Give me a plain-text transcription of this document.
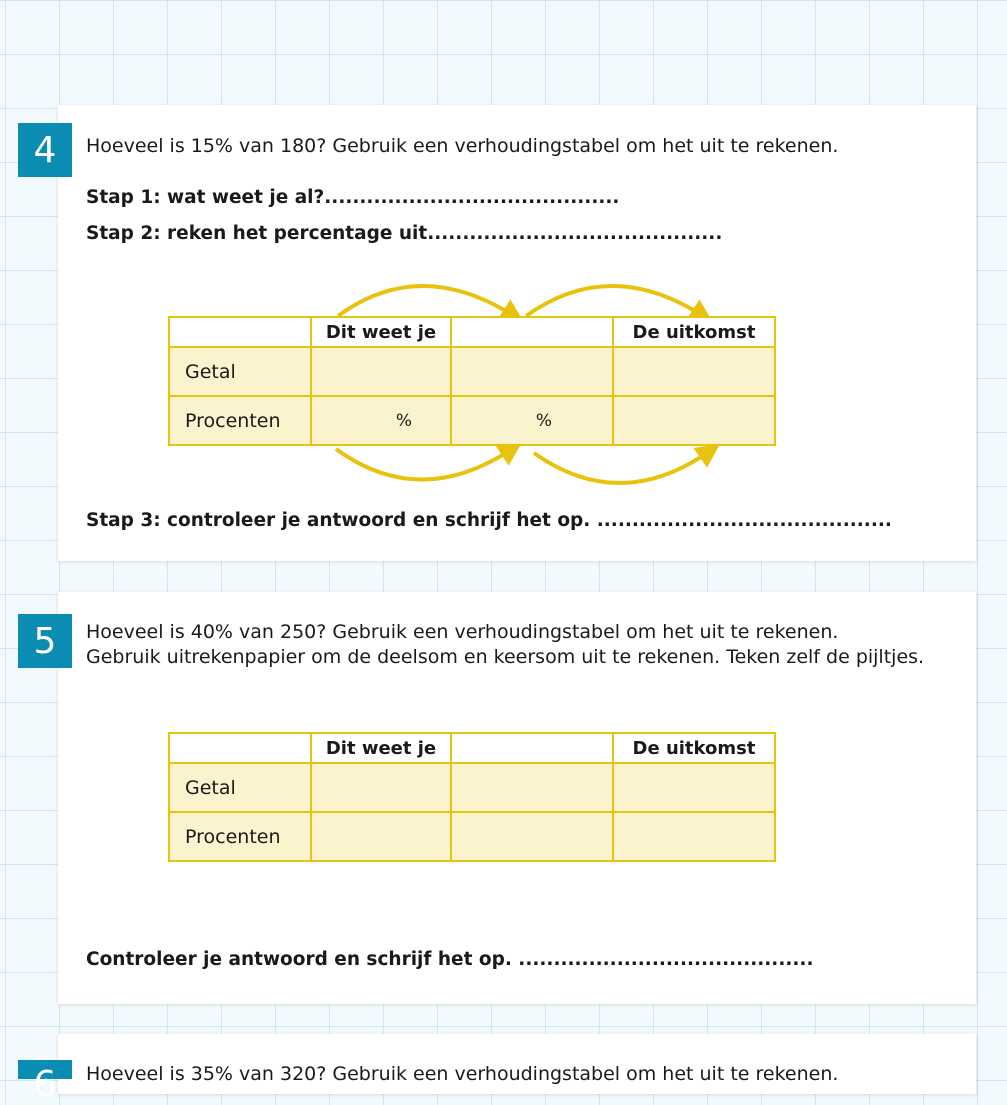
4	Hoeveel is 15% van 180? Gebruik een verhoudingstabel om het uit te rekenen.
Stap 1: wat weet je al?..........................................
Stap 2: reken het percentage uit..........................................
	Dit weet je		De uitkomst
Getal			
Procenten	%	%	
Stap 3: controleer je antwoord en schrijf het op. ..........................................
5	Hoeveel is 40% van 250? Gebruik een verhoudingstabel om het uit te rekenen.
Gebruik uitrekenpapier om de deelsom en keersom uit te rekenen. Teken zelf de pijltjes.
	Dit weet je		De uitkomst
Getal			
Procenten			
Controleer je antwoord en schrijf het op. ..........................................
6 Hoeveel is 35% van 320? Gebruik een verhoudingstabel om het uit te rekenen.
